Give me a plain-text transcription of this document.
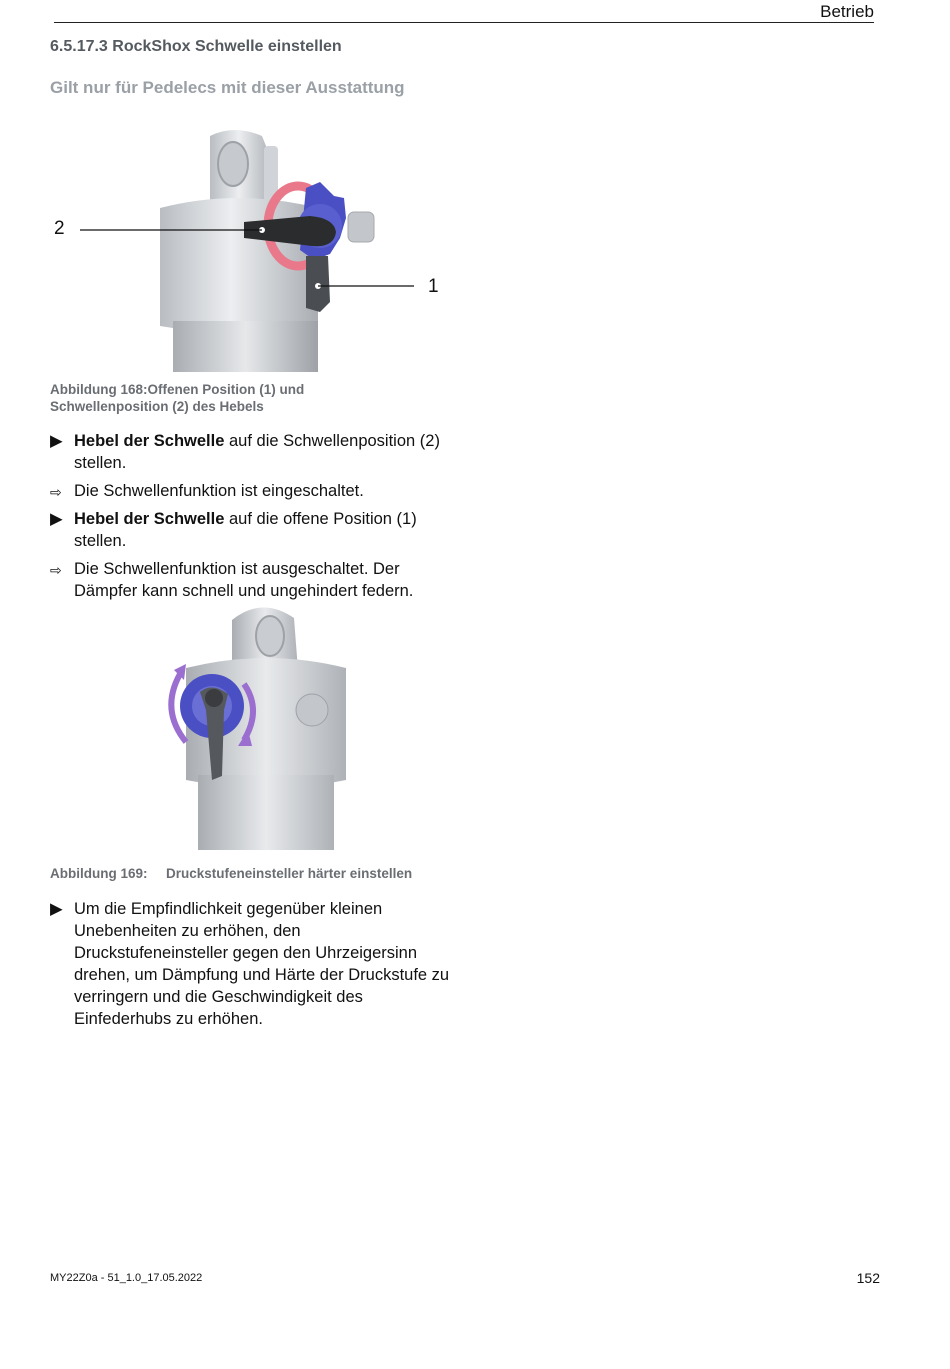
Betrieb
6.5.17.3 RockShox Schwelle einstellen
Gilt nur für Pedelecs mit dieser Ausstattung
2
1
Abbildung 168:Offenen Position (1) und
Schwellenposition (2) des Hebels
▶ Hebel der Schwelle auf die Schwellenposition (2) stellen.
⇨ Die Schwellenfunktion ist eingeschaltet.
▶ Hebel der Schwelle auf die offene Position (1) stellen.
⇨ Die Schwellenfunktion ist ausgeschaltet. Der Dämpfer kann schnell und ungehindert federn.
Abbildung 169: Druckstufeneinsteller härter einstellen
▶ Um die Empfindlichkeit gegenüber kleinen Unebenheiten zu erhöhen, den Druckstufeneinsteller gegen den Uhrzeigersinn drehen, um Dämpfung und Härte der Druckstufe zu verringern und die Geschwindigkeit des Einfederhubs zu erhöhen.
MY22Z0a - 51_1.0_17.05.2022	152
